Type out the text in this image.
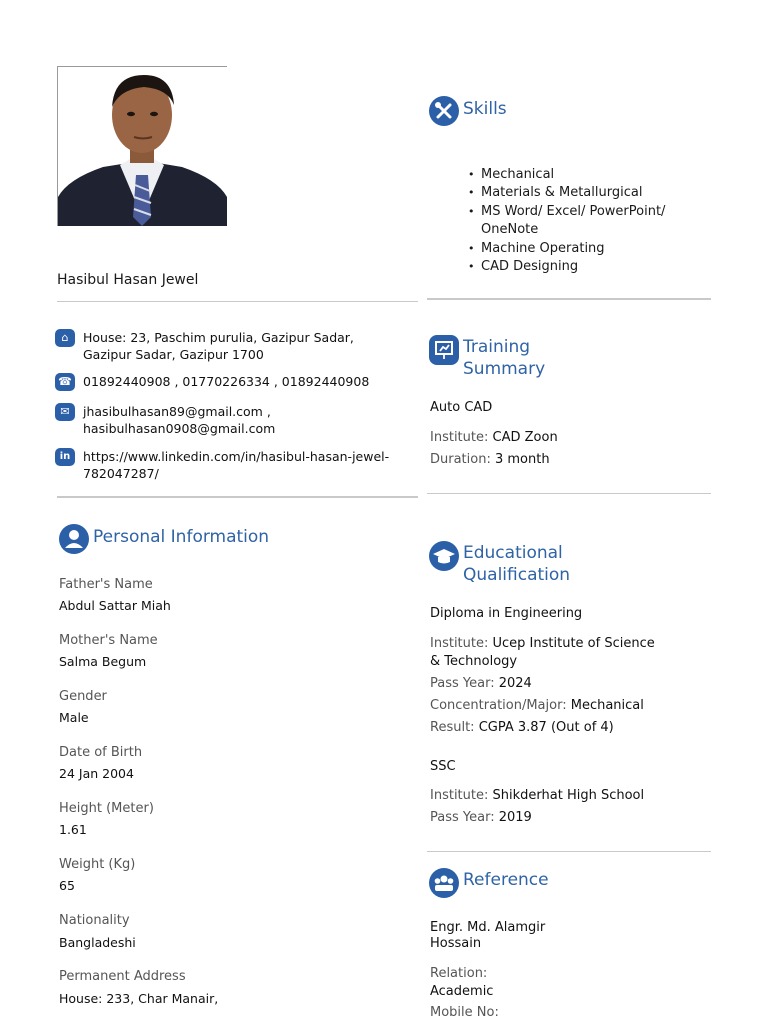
Hasibul Hasan Jewel
⌂	House: 23, Paschim purulia, Gazipur Sadar, Gazipur Sadar, Gazipur 1700
☎ 01892440908 , 01770226334 , 01892440908
✉	jhasibulhasan89@gmail.com , hasibulhasan0908@gmail.com
in	https://www.linkedin.com/in/hasibul-hasan-jewel-782047287/
Personal Information
Father's Name
Abdul Sattar Miah
Mother's Name
Salma Begum
Gender
Male
Date of Birth
24 Jan 2004
Height (Meter)
1.61
Weight (Kg)
65
Nationality
Bangladeshi
Permanent Address
House: 233, Char Manair,
Skills
• Mechanical
• Materials & Metallurgical
• MS Word/ Excel/ PowerPoint/ OneNote
• Machine Operating
• CAD Designing
Training
Summary
Auto CAD
Institute: CAD Zoon
Duration: 3 month
Educational
Qualification
Diploma in Engineering
Institute: Ucep Institute of Science
& Technology
Pass Year: 2024
Concentration/Major: Mechanical
Result: CGPA 3.87 (Out of 4)
SSC
Institute: Shikderhat High School
Pass Year: 2019
Reference
Engr. Md. Alamgir
Hossain
Relation:
Academic
Mobile No:
